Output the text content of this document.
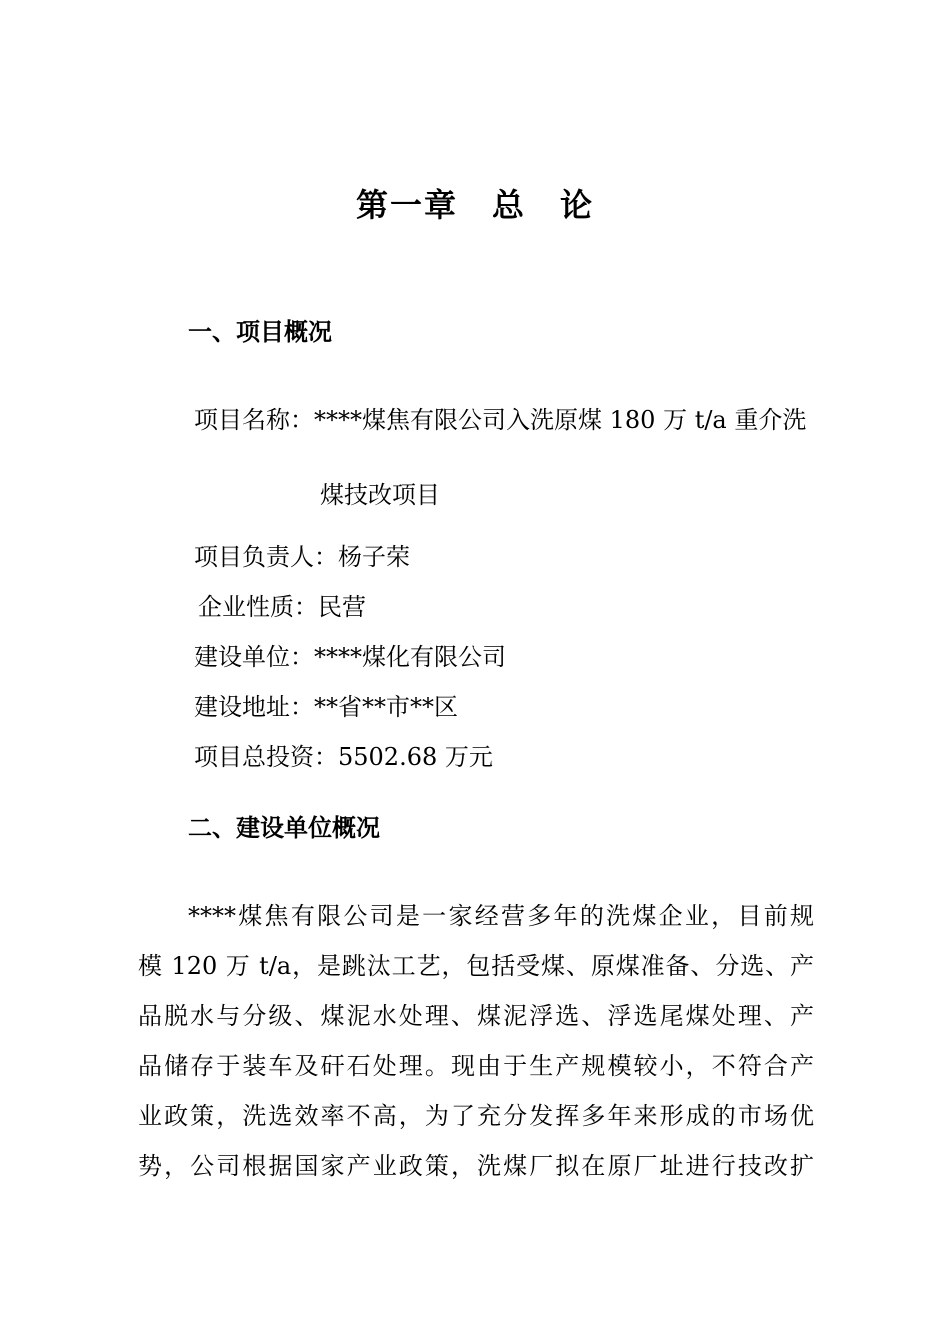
第一章 总 论
一、项目概况
项目名称：****煤焦有限公司入洗原煤 180 万 t/a 重介洗
煤技改项目
项目负责人：杨子荣
企业性质：民营
建设单位：****煤化有限公司
建设地址：**省**市**区
项目总投资：5502.68 万元
二、建设单位概况
****煤焦有限公司是一家经营多年的洗煤企业，目前规
模 120 万 t/a，是跳汰工艺，包括受煤、原煤准备、分选、产
品脱水与分级、煤泥水处理、煤泥浮选、浮选尾煤处理、产
品储存于装车及矸石处理。现由于生产规模较小，不符合产
业政策，洗选效率不高，为了充分发挥多年来形成的市场优
势，公司根据国家产业政策，洗煤厂拟在原厂址进行技改扩
